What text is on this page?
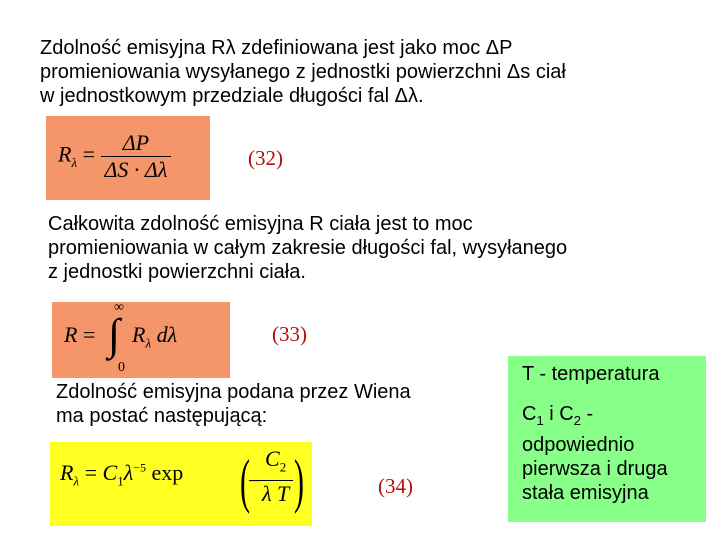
Zdolność emisyjna Rλ zdefiniowana jest jako moc ΔP
promieniowania wysyłanego z jednostki powierzchni Δs ciał
w jednostkowym przedziale długości fal Δλ.

$R_\lambda = \frac{\Delta P}{\Delta S \cdot \Delta\lambda}$	(32)

Całkowita zdolność emisyjna R ciała jest to moc
promieniowania w całym zakresie długości fal, wysyłanego
z jednostki powierzchni ciała.

R =
∞
∫
0
$R_\lambda$ dλ	(33)

Zdolność emisyjna podana przez Wiena
ma postać następującą:

$R_\lambda = C_1\lambda^{-5}$ exp (
−
$\frac{C_2}{\text{λ T}}$ )	(34)

T - temperatura

$C_1$ i $C_2$ -

odpowiednio

pierwsza i druga

stała emisyjna
